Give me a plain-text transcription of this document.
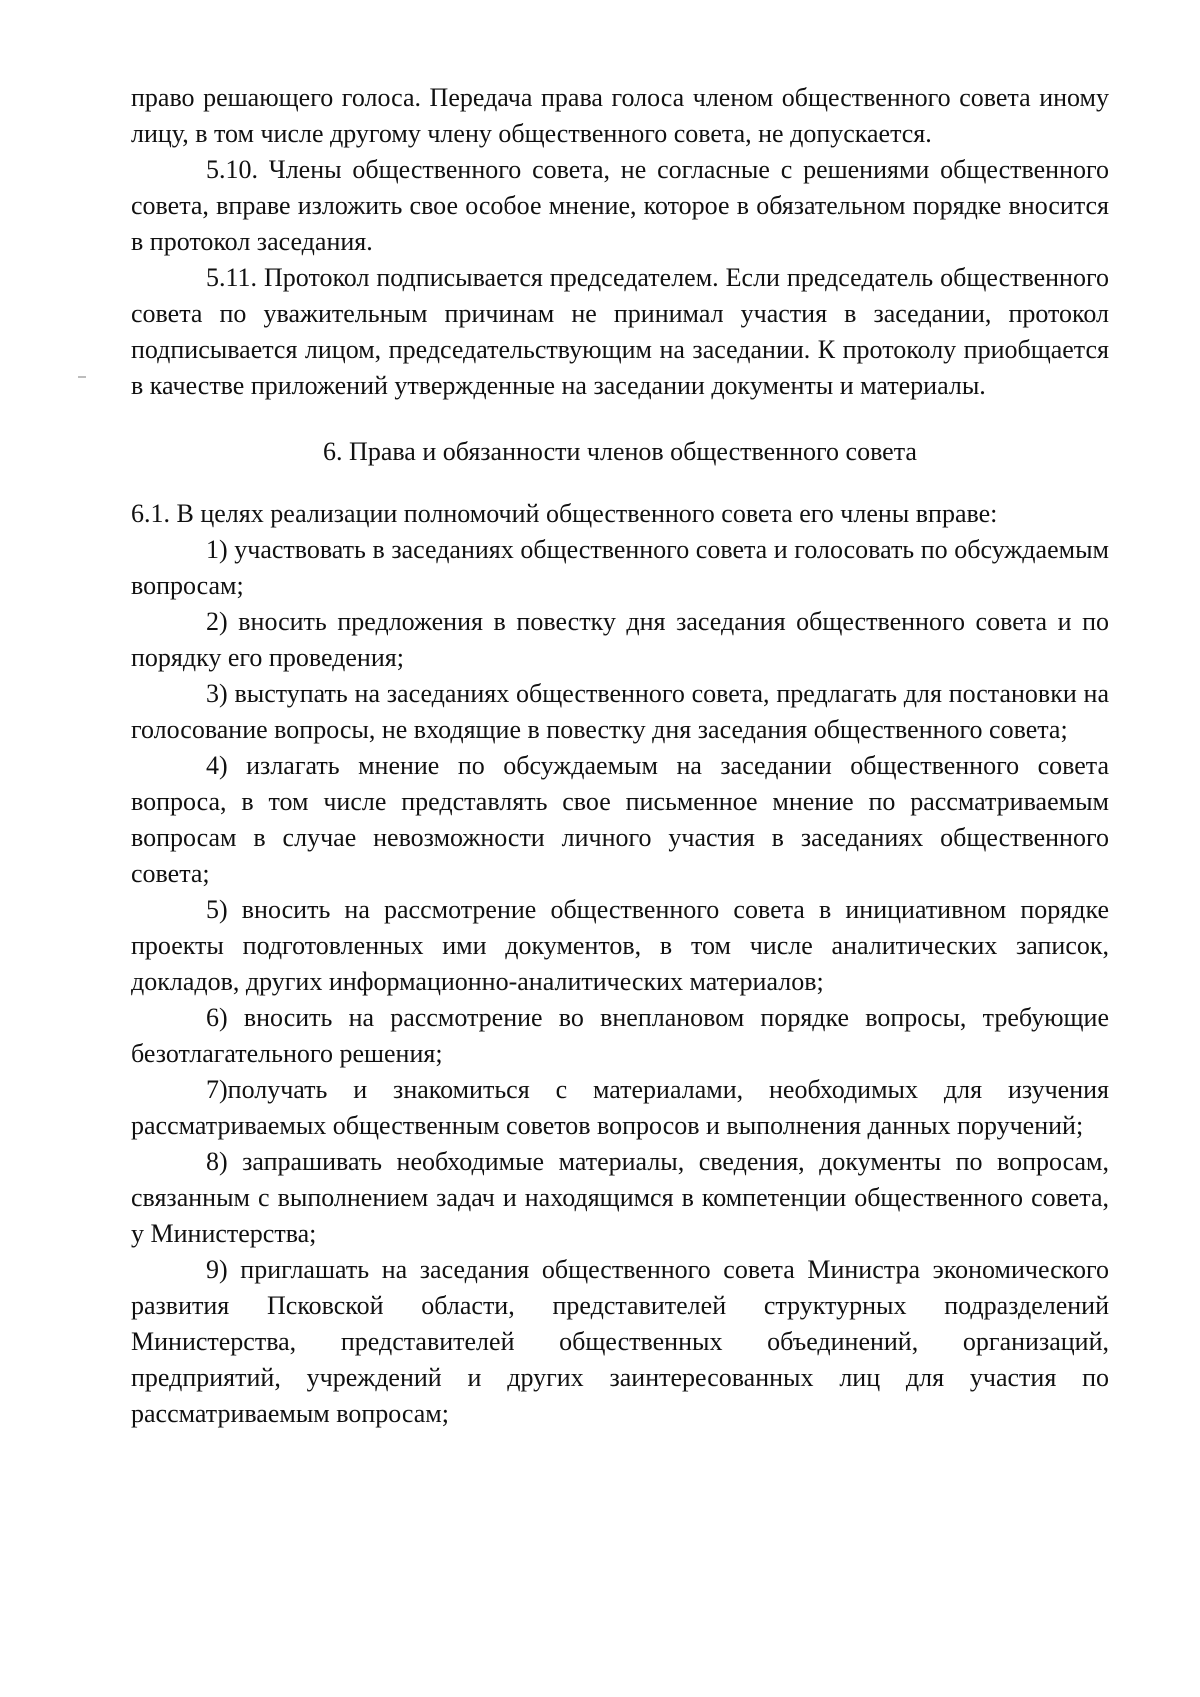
право решающего голоса. Передача права голоса членом общественного совета иному лицу, в том числе другому члену общественного совета, не допускается.

5.10. Члены общественного совета, не согласные с решениями общественного совета, вправе изложить свое особое мнение, которое в обязательном порядке вносится в протокол заседания.

5.11. Протокол подписывается председателем. Если председатель общественного совета по уважительным причинам не принимал участия в заседании, протокол подписывается лицом, председательствующим на заседании. К протоколу приобщается в качестве приложений утвержденные на заседании документы и материалы.

6. Права и обязанности членов общественного совета

6.1. В целях реализации полномочий общественного совета его члены вправе:

1) участвовать в заседаниях общественного совета и голосовать по обсуждаемым вопросам;

2) вносить предложения в повестку дня заседания общественного совета и по порядку его проведения;

3) выступать на заседаниях общественного совета, предлагать для постановки на голосование вопросы, не входящие в повестку дня заседания общественного совета;

4) излагать мнение по обсуждаемым на заседании общественного совета вопроса, в том числе представлять свое письменное мнение по рассматриваемым вопросам в случае невозможности личного участия в заседаниях общественного совета;

5) вносить на рассмотрение общественного совета в инициативном порядке проекты подготовленных ими документов, в том числе аналитических записок, докладов, других информационно-аналитических материалов;

6) вносить на рассмотрение во внеплановом порядке вопросы, требующие безотлагательного решения;

7)получать и знакомиться с материалами, необходимых для изучения рассматриваемых общественным советов вопросов и выполнения данных поручений;

8) запрашивать необходимые материалы, сведения, документы по вопросам, связанным с выполнением задач и находящимся в компетенции общественного совета, у Министерства;

9) приглашать на заседания общественного совета Министра экономического развития Псковской области, представителей структурных подразделений Министерства, представителей общественных объединений, организаций, предприятий, учреждений и других заинтересованных лиц для участия по рассматриваемым вопросам;
